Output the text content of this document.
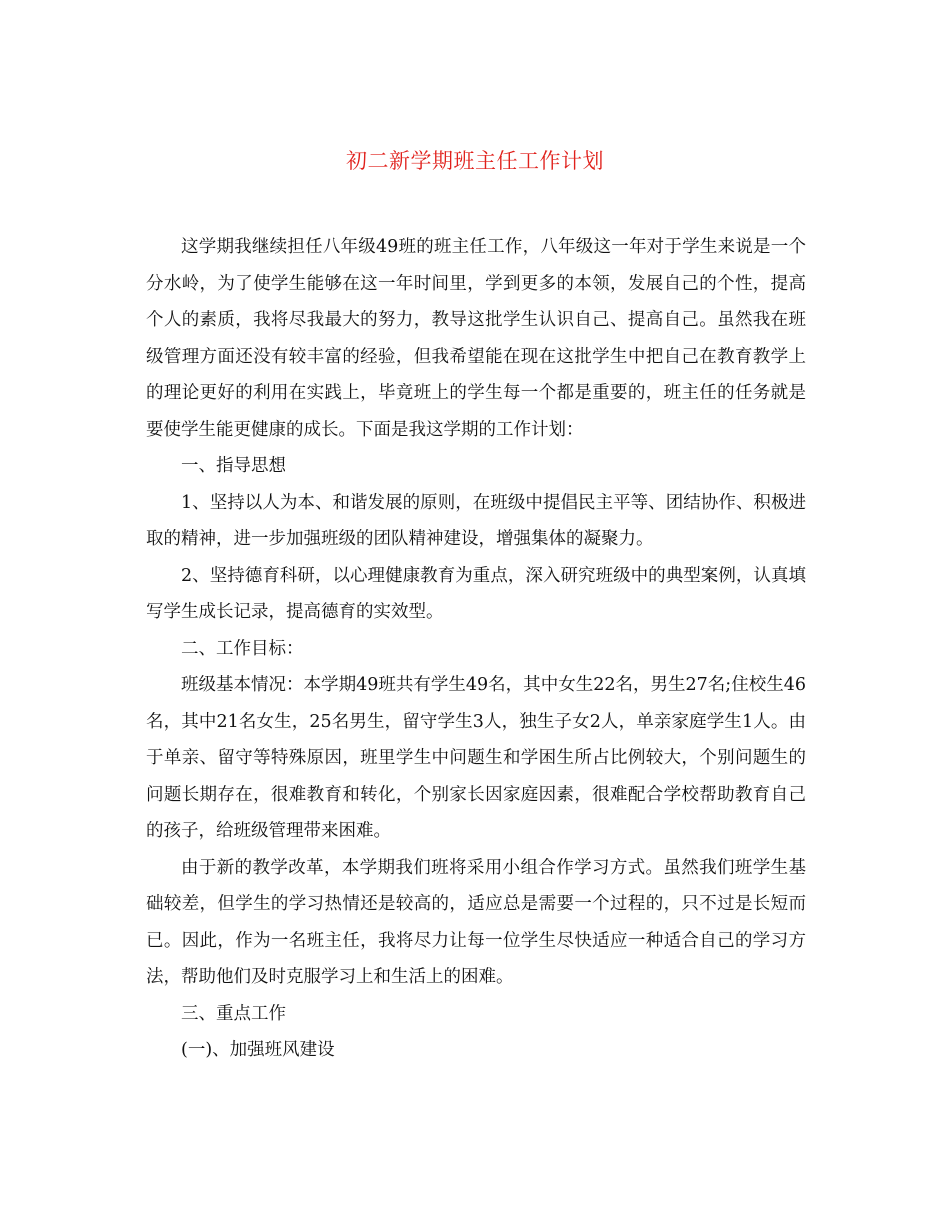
初二新学期班主任工作计划

这学期我继续担任八年级49班的班主任工作，八年级这一年对于学生来说是一个分水岭，为了使学生能够在这一年时间里，学到更多的本领，发展自己的个性，提高个人的素质，我将尽我最大的努力，教导这批学生认识自己、提高自己。虽然我在班级管理方面还没有较丰富的经验，但我希望能在现在这批学生中把自己在教育教学上的理论更好的利用在实践上，毕竟班上的学生每一个都是重要的，班主任的任务就是要使学生能更健康的成长。下面是我这学期的工作计划：

一、指导思想

1、坚持以人为本、和谐发展的原则，在班级中提倡民主平等、团结协作、积极进取的精神，进一步加强班级的团队精神建设，增强集体的凝聚力。

2、坚持德育科研，以心理健康教育为重点，深入研究班级中的典型案例，认真填写学生成长记录，提高德育的实效型。

二、工作目标：

班级基本情况：本学期49班共有学生49名，其中女生22名，男生27名;住校生46名，其中21名女生，25名男生，留守学生3人，独生子女2人，单亲家庭学生1人。由于单亲、留守等特殊原因，班里学生中问题生和学困生所占比例较大，个别问题生的问题长期存在，很难教育和转化，个别家长因家庭因素，很难配合学校帮助教育自己的孩子，给班级管理带来困难。

由于新的教学改革，本学期我们班将采用小组合作学习方式。虽然我们班学生基础较差，但学生的学习热情还是较高的，适应总是需要一个过程的，只不过是长短而已。因此，作为一名班主任，我将尽力让每一位学生尽快适应一种适合自己的学习方法，帮助他们及时克服学习上和生活上的困难。

三、重点工作

(一)、加强班风建设
